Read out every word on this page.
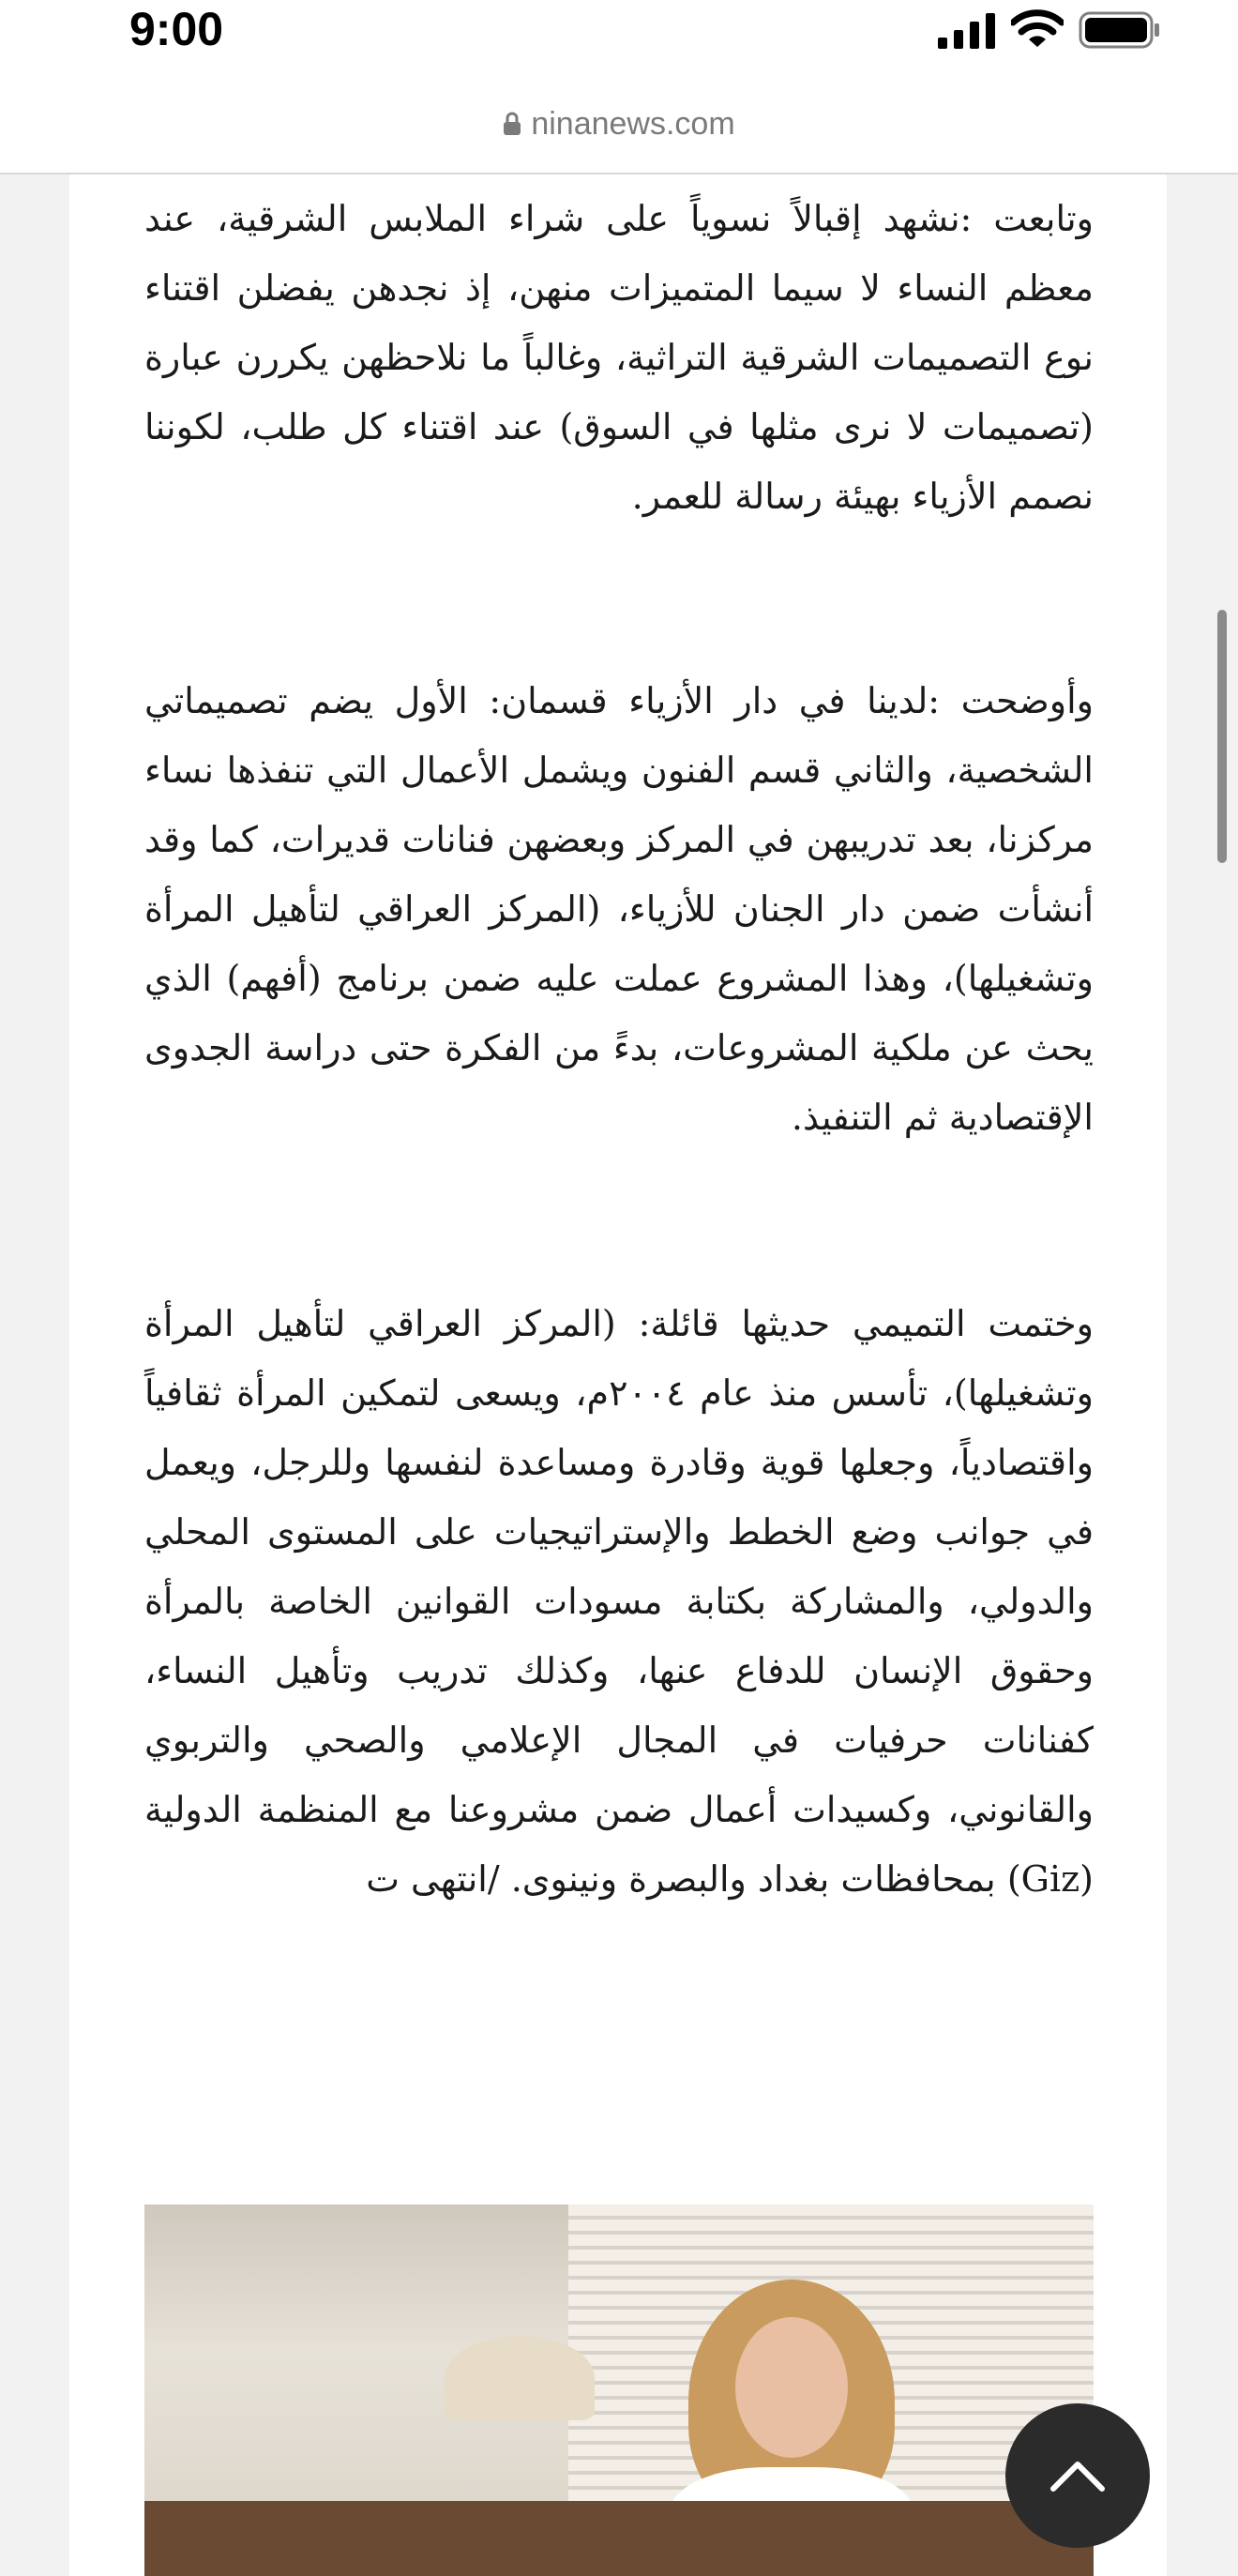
9:00
ninanews.com

وتابعت :نشهد إقبالاً نسوياً على شراء الملابس الشرقية، عند معظم النساء لا سيما المتميزات منهن، إذ نجدهن يفضلن اقتناء نوع التصميمات الشرقية التراثية، وغالباً ما نلاحظهن يكررن عبارة (تصميمات لا نرى مثلها في السوق) عند اقتناء كل طلب، لكوننا نصمم الأزياء بهيئة رسالة للعمر.

وأوضحت :لدينا في دار الأزياء قسمان: الأول يضم تصميماتي الشخصية، والثاني قسم الفنون ويشمل الأعمال التي تنفذها نساء مركزنا، بعد تدريبهن في المركز وبعضهن فنانات قديرات، كما وقد أنشأت ضمن دار الجنان للأزياء، (المركز العراقي لتأهيل المرأة وتشغيلها)، وهذا المشروع عملت عليه ضمن برنامج (أفهم) الذي يحث عن ملكية المشروعات، بدءً من الفكرة حتى دراسة الجدوى الإقتصادية ثم التنفيذ.

وختمت التميمي حديثها قائلة: (المركز العراقي لتأهيل المرأة وتشغيلها)، تأسس منذ عام ٢٠٠٤م، ويسعى لتمكين المرأة ثقافياً واقتصادياً، وجعلها قوية وقادرة ومساعدة لنفسها وللرجل، ويعمل في جوانب وضع الخطط والإستراتيجيات على المستوى المحلي والدولي، والمشاركة بكتابة مسودات القوانين الخاصة بالمرأة وحقوق الإنسان للدفاع عنها، وكذلك تدريب وتأهيل النساء، كفنانات حرفيات في المجال الإعلامي والصحي والتربوي والقانوني، وكسيدات أعمال ضمن مشروعنا مع المنظمة الدولية (Giz) بمحافظات بغداد والبصرة ونينوى. /انتهى ت
